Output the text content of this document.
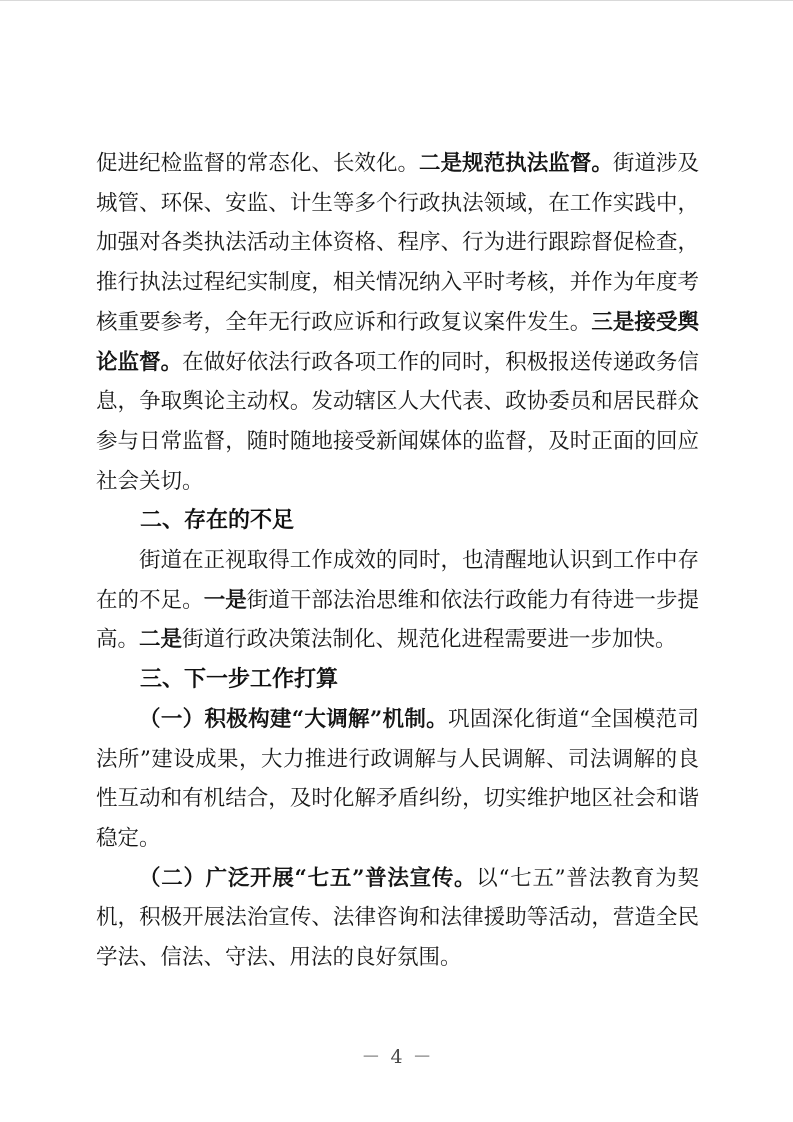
促进纪检监督的常态化、长效化。二是规范执法监督。街道涉及城管、环保、安监、计生等多个行政执法领域，在工作实践中，加强对各类执法活动主体资格、程序、行为进行跟踪督促检查，推行执法过程纪实制度，相关情况纳入平时考核，并作为年度考核重要参考，全年无行政应诉和行政复议案件发生。三是接受舆论监督。在做好依法行政各项工作的同时，积极报送传递政务信息，争取舆论主动权。发动辖区人大代表、政协委员和居民群众参与日常监督，随时随地接受新闻媒体的监督，及时正面的回应社会关切。

二、存在的不足

街道在正视取得工作成效的同时，也清醒地认识到工作中存在的不足。一是街道干部法治思维和依法行政能力有待进一步提高。二是街道行政决策法制化、规范化进程需要进一步加快。

三、下一步工作打算

（一）积极构建“大调解”机制。巩固深化街道“全国模范司法所”建设成果，大力推进行政调解与人民调解、司法调解的良性互动和有机结合，及时化解矛盾纠纷，切实维护地区社会和谐稳定。

（二）广泛开展“七五”普法宣传。以“七五”普法教育为契机，积极开展法治宣传、法律咨询和法律援助等活动，营造全民学法、信法、守法、用法的良好氛围。

－ 4 －
